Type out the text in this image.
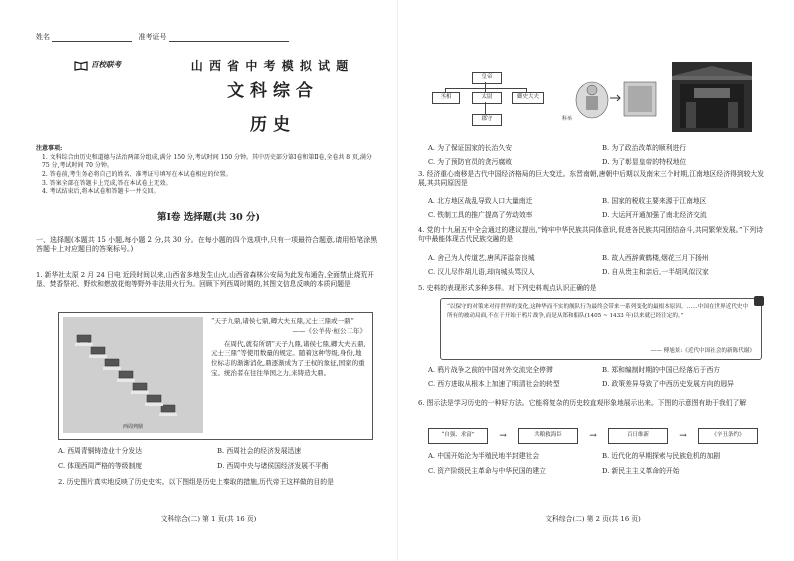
姓名	准考证号
百校联考	山 西 省 中 考 模 拟 试 题
文 科 综 合
历 史
注意事项:
1. 文科综合由历史和道德与法治两部分组成,满分 150 分,考试时间 150 分钟。其中历史部分第Ⅰ卷和第Ⅱ卷,全卷共 8 页,满分 75 分,考试时间 70 分钟。
2. 答卷前,考生务必将自己的姓名、准考证号填写在本试卷相应的位置。
3. 答案全部在答题卡上完成,答在本试卷上无效。
4. 考试结束后,将本试卷和答题卡一并交回。
第Ⅰ卷 选择题(共 30 分)
一、选择题(本题共 15 小题,每小题 2 分,共 30 分。在每小题的四个选项中,只有一项最符合题意,请用铅笔涂黑答题卡上对应题目的答案标号。)
1. 新华社太原 2 月 24 日电 近段时间以来,山西省多地发生山火,山西省森林公安局为此发布通告,全面禁止烧荒开垦、焚香祭祀、野炊和燃放花炮等野外非法用火行为。回顾下列西周时期的,其图文信息反映的本质问题是
西周列鼎
“天子九鼎,诸侯七鼎,卿大夫五鼎,元士三鼎或一鼎”
——《公羊传·桓公二年》
在周代,就有所谓“天子九鼎,诸侯七鼎,卿大夫五鼎,元士三鼎”等使用数量的规定。随着这种等级,身份,地位标志的渐渐消化,鼎逐渐成为了王权的象征,国家的重宝。统治者在往往举国之力,来铸造大鼎。
A. 西周青铜铸造业十分发达	B. 西周社会的经济发展迅速
C. 体现西周严格的等级制度	D. 西周中央与诸侯国经济发展不平衡
2. 历史图片真实地反映了历史史实。以下图组是历史上秦取的措施,历代帝王这样做的目的是
文科综合(二) 第 1 页(共 16 页)
皇帝
丞相	太尉	御史大夫
郡守	科举
A. 为了保证国家的长治久安	B. 为了政治改革的顺利进行
C. 为了预防官员的贪污腐败	D. 为了彰显皇帝的特权地位
3. 经济重心南移是古代中国经济格局的巨大变迁。东晋南朝,唐朝中后期以及南宋三个时期,江南地区经济得到较大发展,其共同原因是
A. 北方地区战乱导致人口大量南迁	B. 国家的税收主要来源于江南地区
C. 铁制工具的推广提高了劳动效率	D. 大运河开通加强了南北经济交流
4. 党的十九届五中全会通过的建议提出,“铸牢中华民族共同体意识,促进各民族共同团结奋斗,共同繁荣发展。”下列诗句中最能体现古代民族交融的是
A. 舍己为人传道艺,唐风洋溢奈良城	B. 故人西辞黄鹤楼,烟花三月下扬州
C. 汉儿尽作胡儿语,却向城头骂汉人	D. 自从贵主和亲后,一半胡风似汉家
5. 史料的表现形式多种多样。对下列史料观点认识正确的是
“以保守的对策来对待世界的变化,这种华而不实的舰队行为最终会带来一系列变化的最根本原因。……中国在世界近代史中所有的被动局面,不在于开始于鸦片战争,而是从郑和船队(1405 ~ 1433 年)以来就已经注定的。”
—— 傅旭景:《近代中国社会的新陈代谢》
A. 鸦片战争之前的中国对外交流完全停滞	B. 郑和编制时期的中国已经落后于西方
C. 西方进取从根本上加速了明清社会的转型	D. 政策差异导致了中西历史发展方向的迥异
6. 图示法是学习历史的一种好方法。它能将复杂的历史较直观形象地展示出来。下图的示意图有助于我们了解
“自强、求富”	→	共粮救海臣	→	百日维新	→	《辛丑条约》
A. 中国开始沦为半殖民地半封建社会	B. 近代化的早期探索与民族危机的加剧
C. 资产阶级民主革命与中华民国的建立	D. 新民主主义革命的开始
文科综合(二) 第 2 页(共 16 页)
